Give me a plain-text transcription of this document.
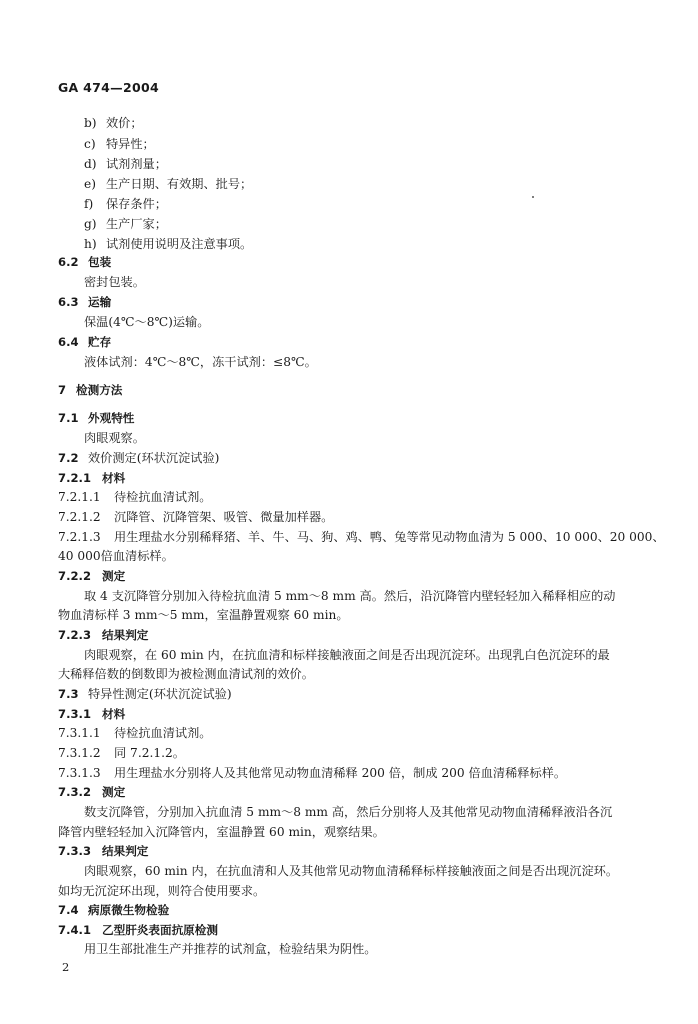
GA 474—2004
b) 效价；
c) 特异性；
d) 试剂剂量；
e) 生产日期、有效期、批号；
f) 保存条件；
g) 生产厂家；
h) 试剂使用说明及注意事项。
6.2 包装
密封包装。
6.3 运输
保温(4℃～8℃)运输。
6.4 贮存
液体试剂：4℃～8℃，冻干试剂：≤8℃。
7 检测方法
7.1 外观特性
肉眼观察。
7.2 效价测定(环状沉淀试验)
7.2.1 材料
7.2.1.1 待检抗血清试剂。
7.2.1.2 沉降管、沉降管架、吸管、微量加样器。
7.2.1.3 用生理盐水分别稀释猪、羊、牛、马、狗、鸡、鸭、兔等常见动物血清为 5 000、10 000、20 000、
40 000倍血清标样。
7.2.2 测定
取 4 支沉降管分别加入待检抗血清 5 mm～8 mm 高。然后，沿沉降管内壁轻轻加入稀释相应的动
物血清标样 3 mm～5 mm，室温静置观察 60 min。
7.2.3 结果判定
肉眼观察，在 60 min 内，在抗血清和标样接触液面之间是否出现沉淀环。出现乳白色沉淀环的最
大稀释倍数的倒数即为被检测血清试剂的效价。
7.3 特异性测定(环状沉淀试验)
7.3.1 材料
7.3.1.1 待检抗血清试剂。
7.3.1.2 同 7.2.1.2。
7.3.1.3 用生理盐水分别将人及其他常见动物血清稀释 200 倍，制成 200 倍血清稀释标样。
7.3.2 测定
数支沉降管，分别加入抗血清 5 mm～8 mm 高，然后分别将人及其他常见动物血清稀释液沿各沉
降管内壁轻轻加入沉降管内，室温静置 60 min，观察结果。
7.3.3 结果判定
肉眼观察，60 min 内，在抗血清和人及其他常见动物血清稀释标样接触液面之间是否出现沉淀环。
如均无沉淀环出现，则符合使用要求。
7.4 病原微生物检验
7.4.1 乙型肝炎表面抗原检测
用卫生部批准生产并推荐的试剂盒，检验结果为阴性。
2
